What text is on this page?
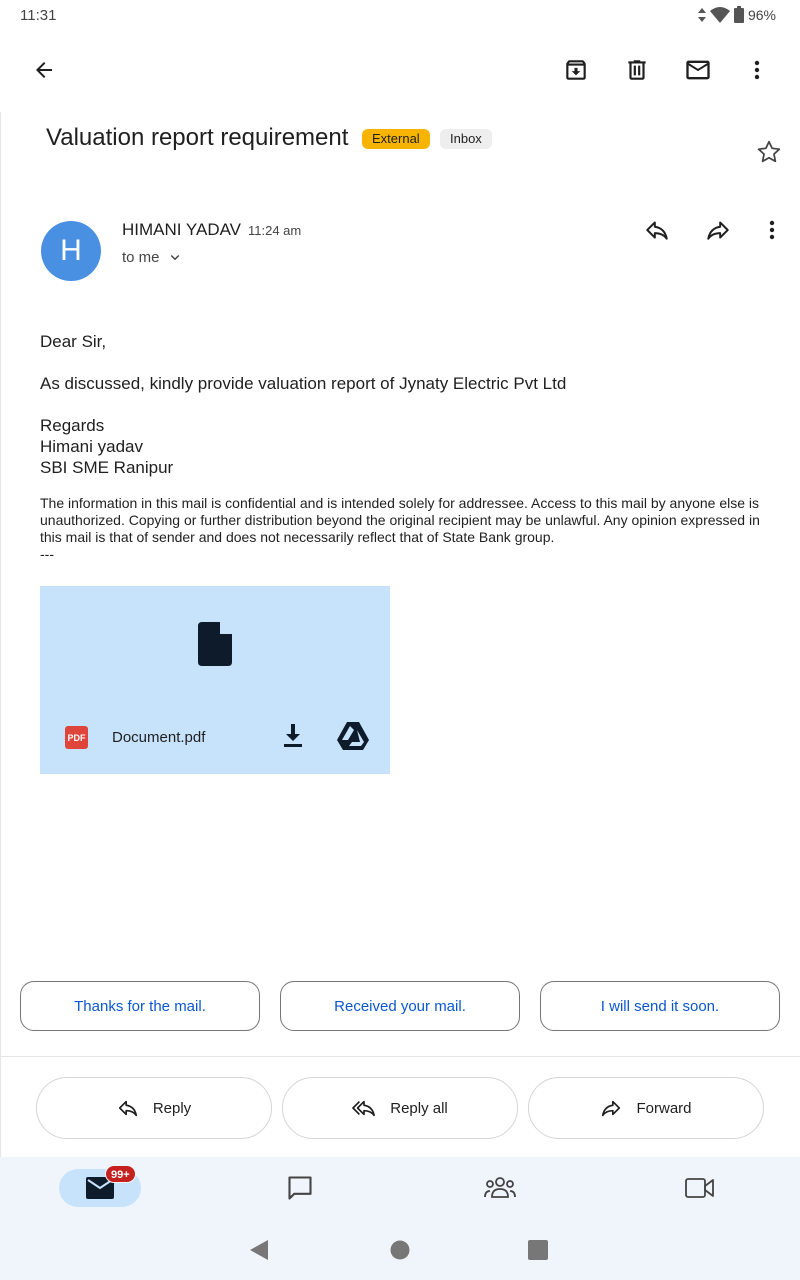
11:31	96%
Valuation report requirement	External	Inbox
H
HIMANI YADAV 11:24 am
to me
Dear Sir,
As discussed, kindly provide valuation report of Jynaty Electric Pvt Ltd
Regards
Himani yadav
SBI SME Ranipur
The information in this mail is confidential and is intended solely for addressee. Access to this mail by anyone else is unauthorized. Copying or further distribution beyond the original recipient may be unlawful. Any opinion expressed in this mail is that of sender and does not necessarily reflect that of State Bank group.
---
PDF Document.pdf
Thanks for the mail.	Received your mail.	I will send it soon.
Reply	Reply all	Forward
99+
